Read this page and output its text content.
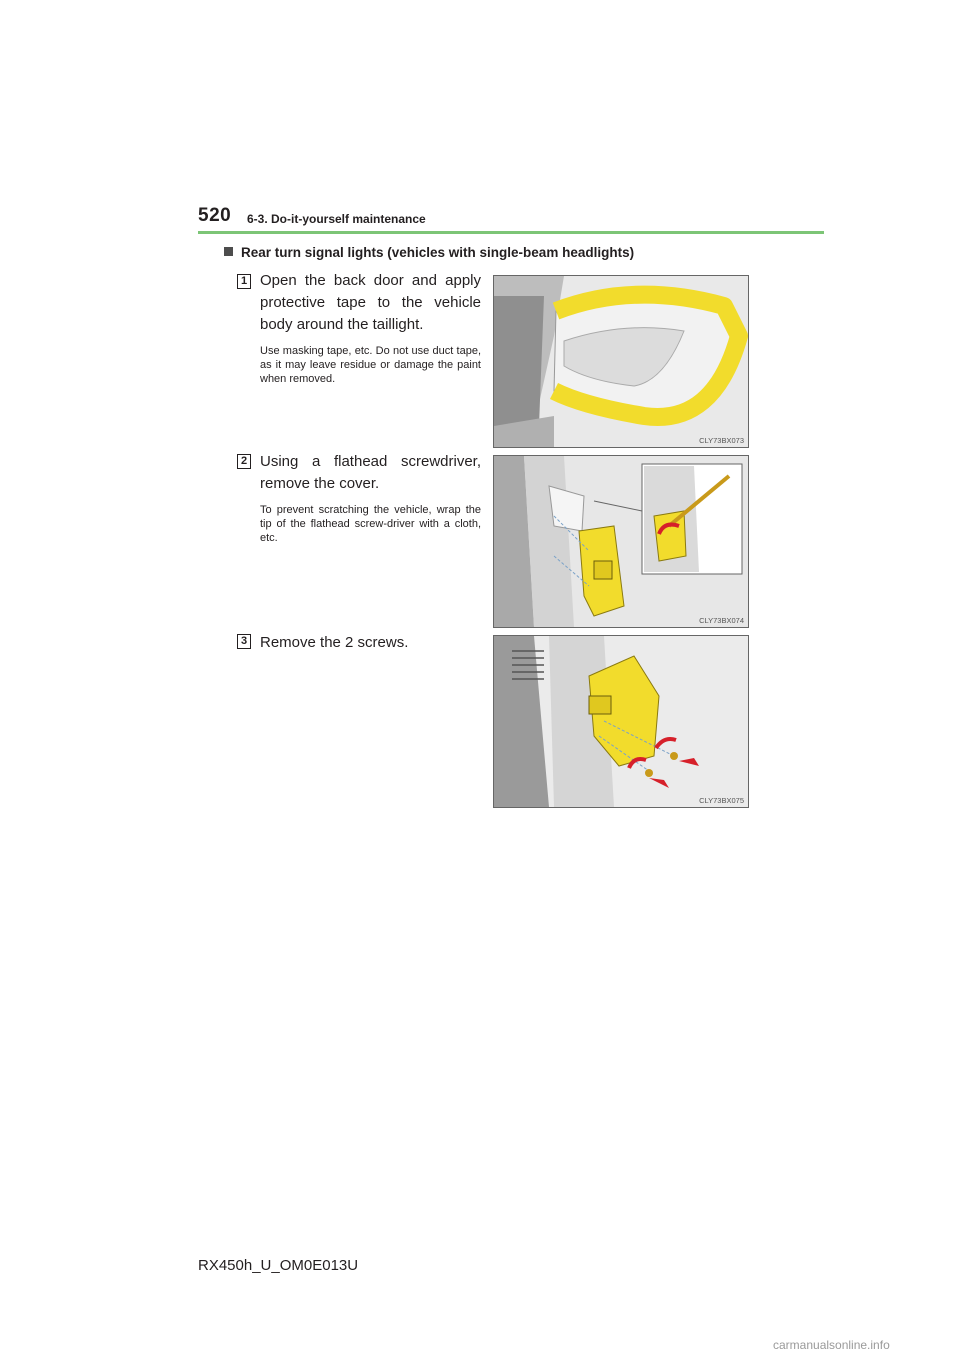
520 6-3. Do-it-yourself maintenance
Rear turn signal lights (vehicles with single-beam headlights)
1 Open the back door and apply protective tape to the vehicle body around the taillight.
Use masking tape, etc. Do not use duct tape, as it may leave residue or damage the paint when removed.
CLY73BX073
2 Using a flathead screwdriver, remove the cover.
To prevent scratching the vehicle, wrap the tip of the flathead screw-driver with a cloth, etc.
CLY73BX074
3 Remove the 2 screws.
CLY73BX075
RX450h_U_OM0E013U
carmanualsonline.info
